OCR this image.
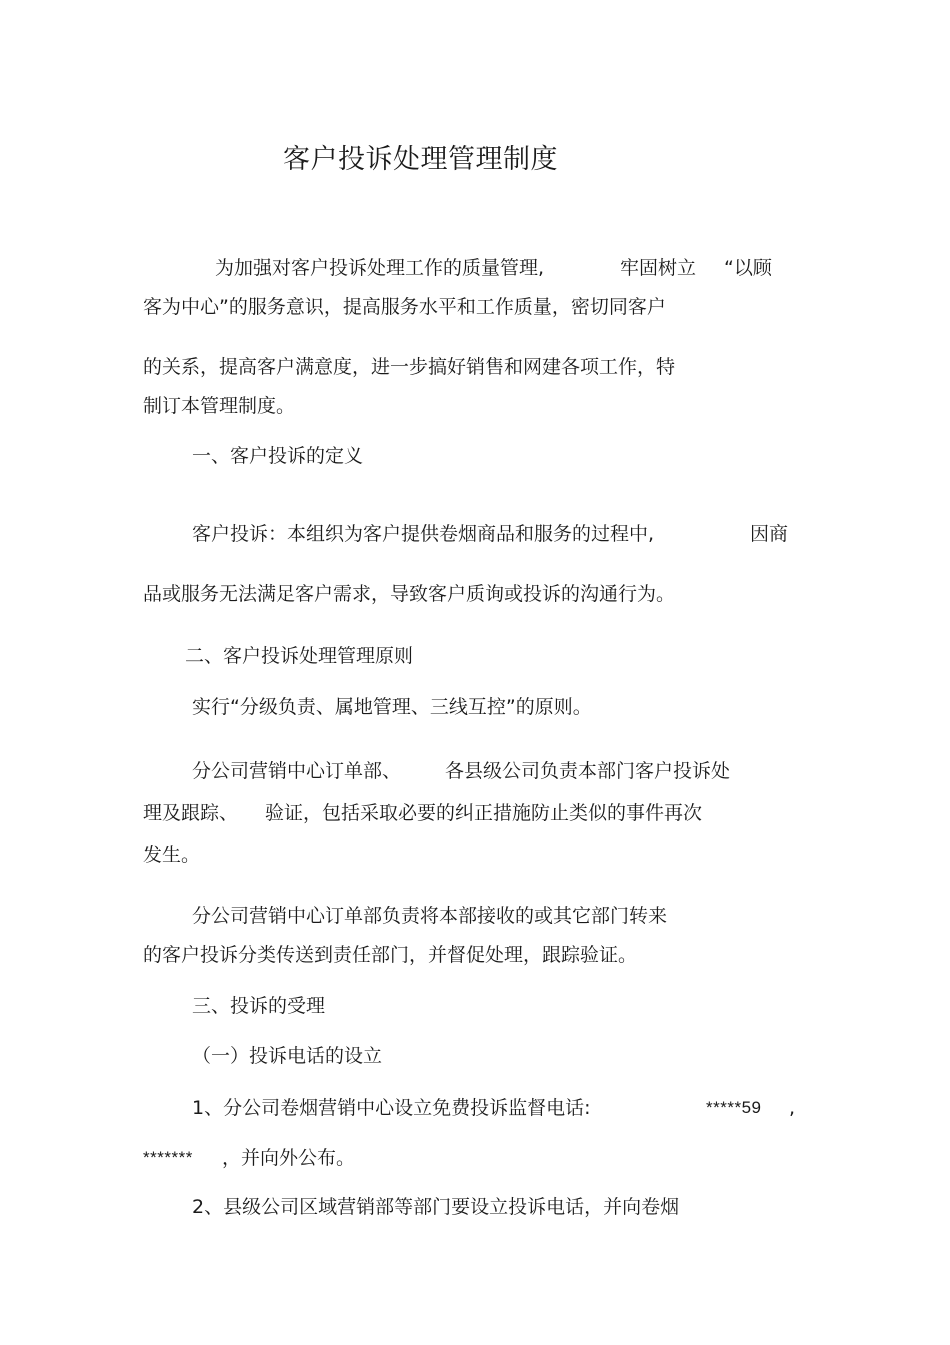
客户投诉处理管理制度
为加强对客户投诉处理工作的质量管理,	牢固树立 “以顾
客为中心”的服务意识，提高服务水平和工作质量，密切同客户
的关系，提高客户满意度，进一步搞好销售和网建各项工作，特
制订本管理制度。
一、客户投诉的定义
客户投诉：本组织为客户提供卷烟商品和服务的过程中,	因商
品或服务无法满足客户需求，导致客户质询或投诉的沟通行为。
二、客户投诉处理管理原则
实行“分级负责、属地管理、三线互控”的原则。
分公司营销中心订单部、 各县级公司负责本部门客户投诉处
理及跟踪、 验证，包括采取必要的纠正措施防止类似的事件再次
发生。
分公司营销中心订单部负责将本部接收的或其它部门转来
的客户投诉分类传送到责任部门，并督促处理，跟踪验证。
三、投诉的受理
（一）投诉电话的设立
1、分公司卷烟营销中心设立免费投诉监督电话:	*****59 ,
******* ，并向外公布。
2、县级公司区域营销部等部门要设立投诉电话，并向卷烟
